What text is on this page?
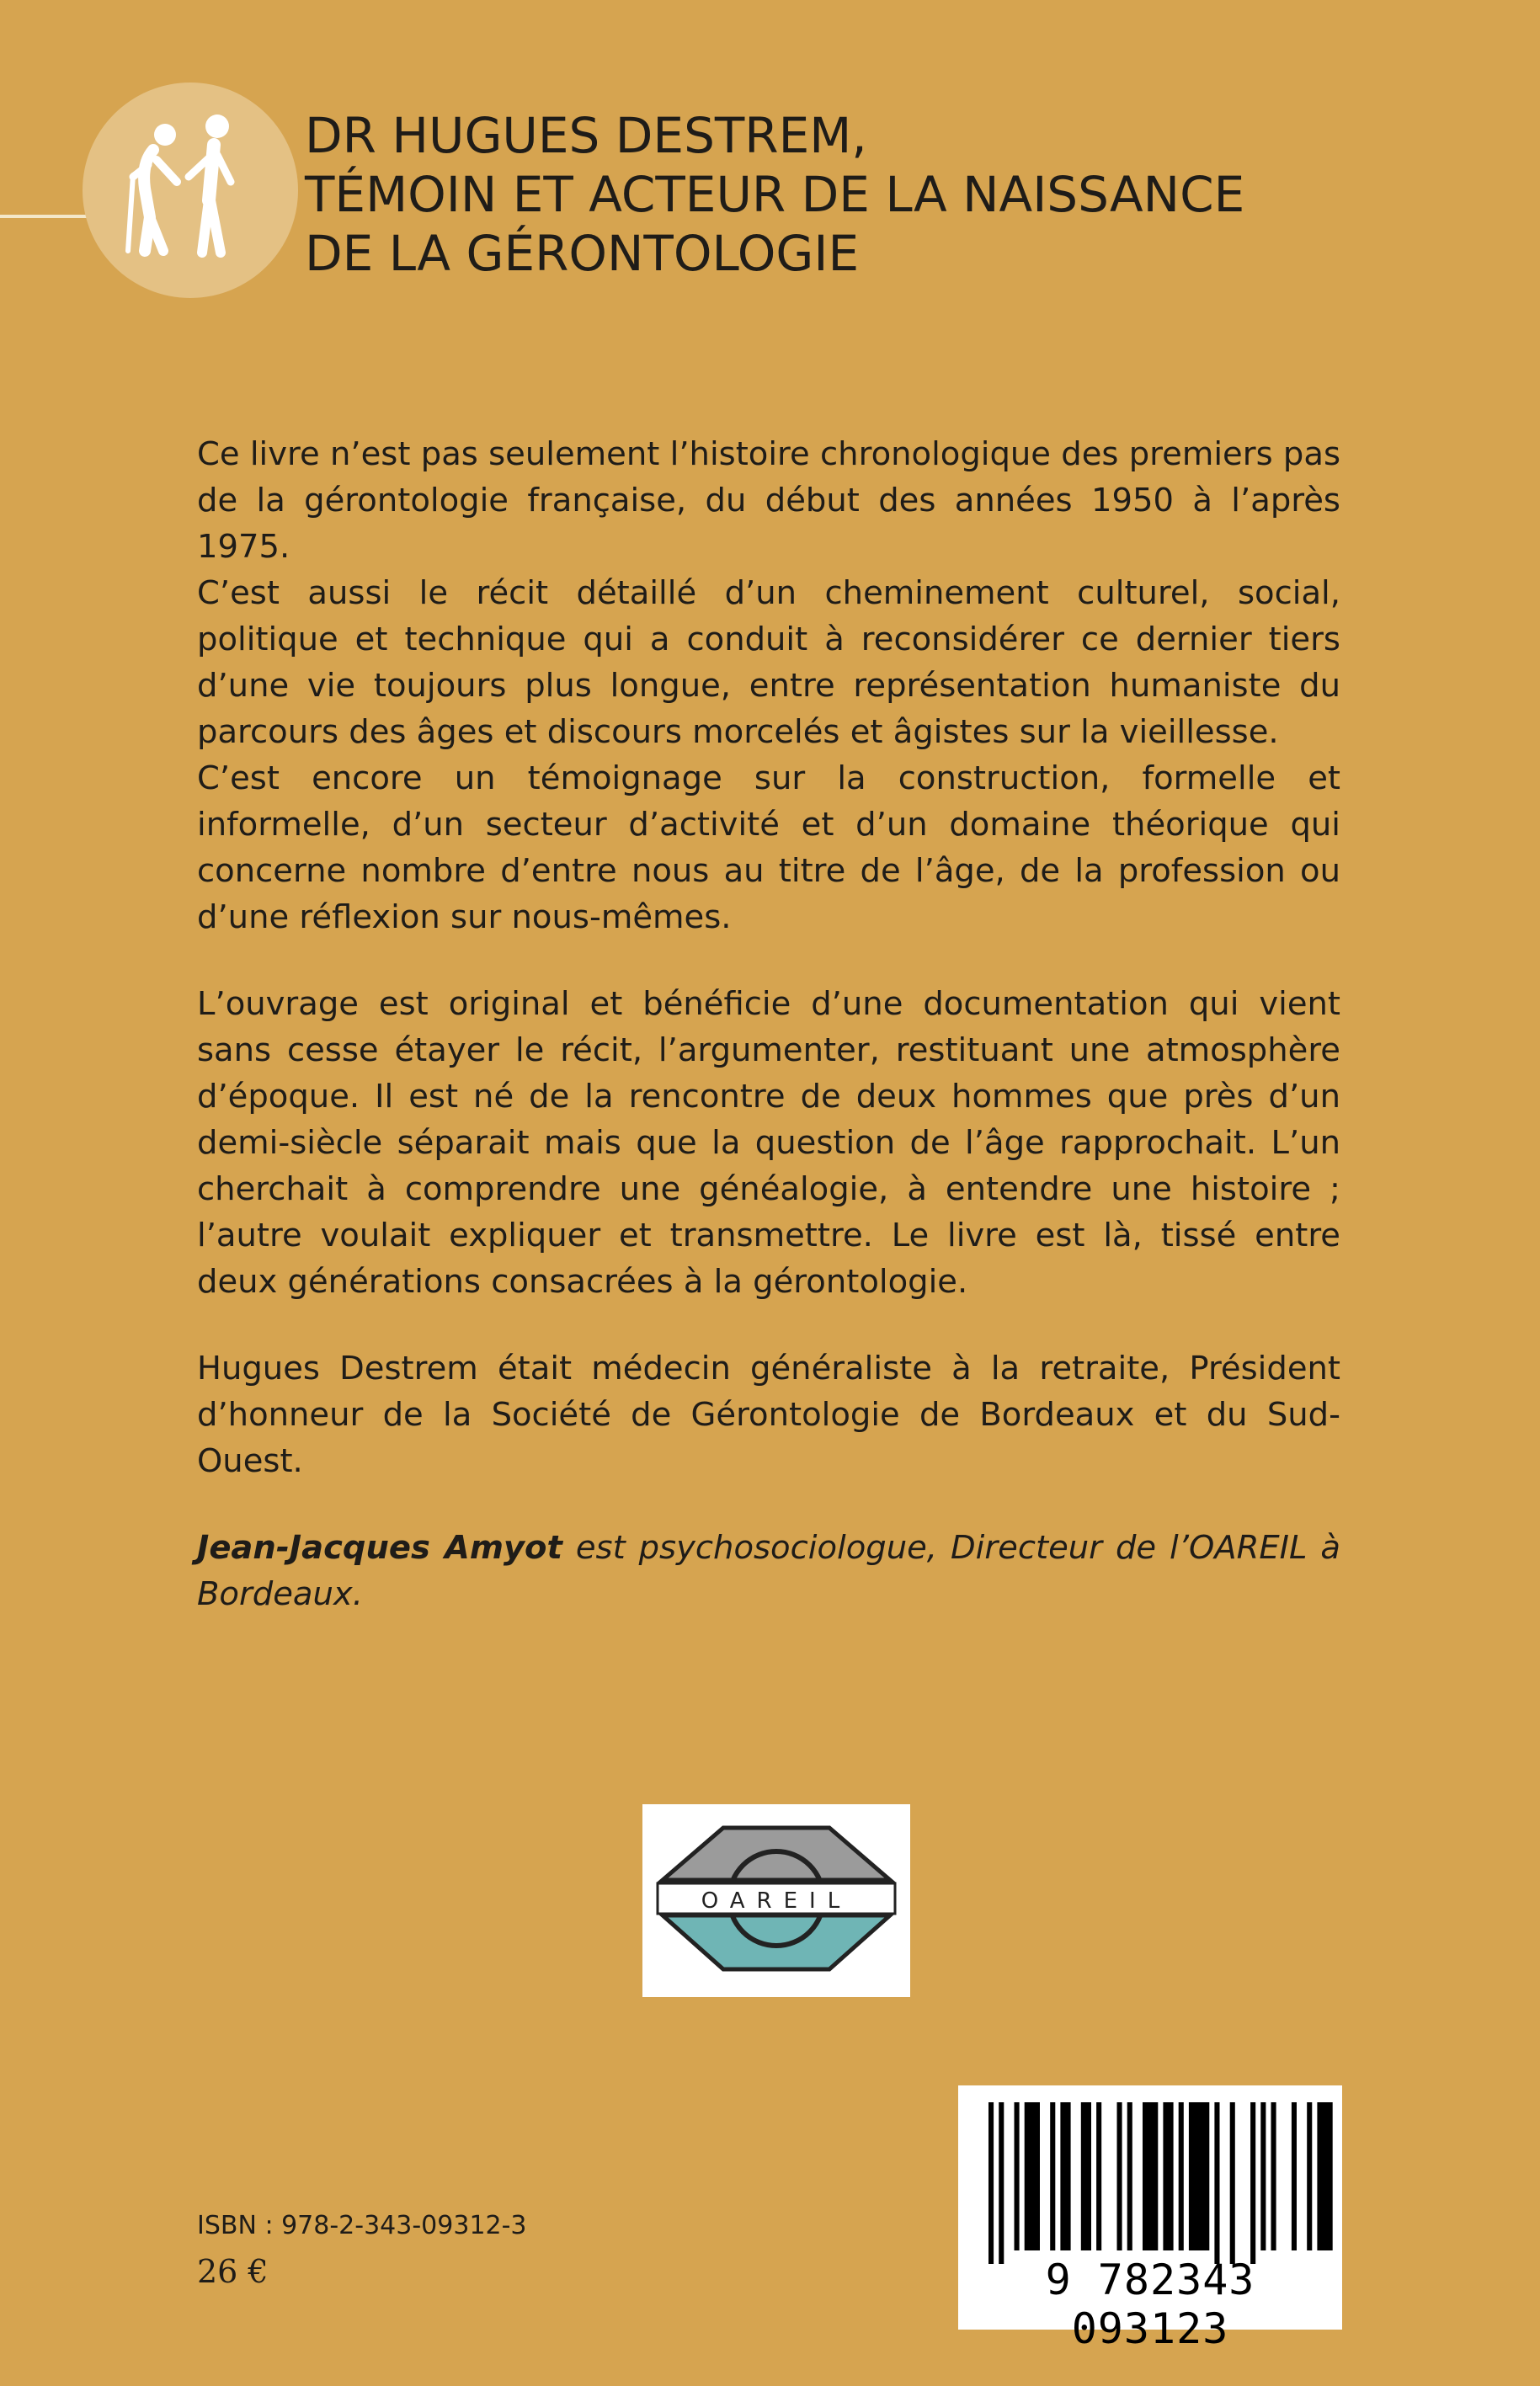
DR HUGUES DESTREM,
TÉMOIN ET ACTEUR DE LA NAISSANCE
DE LA GÉRONTOLOGIE

Ce livre n’est pas seulement l’histoire chronologique des premiers pas de la gérontologie française, du début des années 1950 à l’après 1975.

C’est aussi le récit détaillé d’un cheminement culturel, social, politique et technique qui a conduit à reconsidérer ce dernier tiers d’une vie toujours plus longue, entre représentation humaniste du parcours des âges et discours morcelés et âgistes sur la vieillesse.

C’est encore un témoignage sur la construction, formelle et informelle, d’un secteur d’activité et d’un domaine théorique qui concerne nombre d’entre nous au titre de l’âge, de la profession ou d’une réflexion sur nous-mêmes.

L’ouvrage est original et bénéficie d’une documentation qui vient sans cesse étayer le récit, l’argumenter, restituant une atmosphère d’époque. Il est né de la rencontre de deux hommes que près d’un demi-siècle séparait mais que la question de l’âge rapprochait. L’un cherchait à comprendre une généalogie, à entendre une histoire ; l’autre voulait expliquer et transmettre. Le livre est là, tissé entre deux générations consacrées à la gérontologie.

Hugues Destrem était médecin généraliste à la retraite, Président d’honneur de la Société de Gérontologie de Bordeaux et du Sud-Ouest.

Jean-Jacques Amyot est psychosociologue, Directeur de l’OAREIL à Bordeaux.

OAREIL
ISBN : 978-2-343-09312-3
26 €	9 782343 093123
